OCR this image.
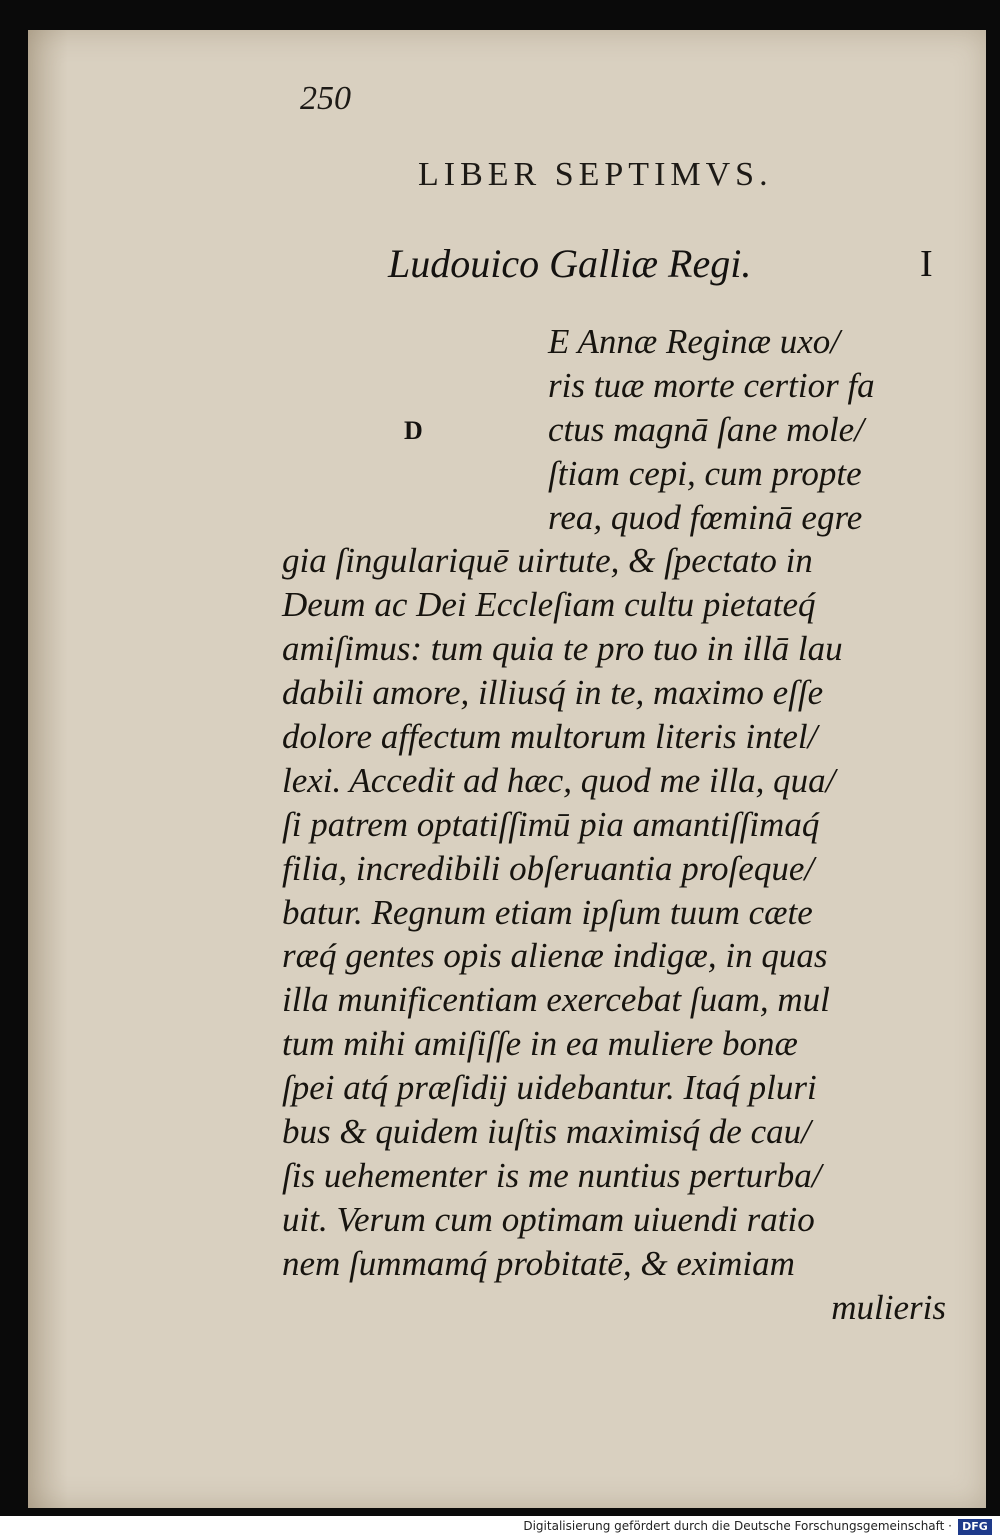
250
LIBER SEPTIMVS.
Ludouico Galliæ Regi.	I
D
E Annæ Reginæ uxo/
ris tuæ morte certior fa
ctus magnā ſane mole/
ſtiam cepi, cum propte
rea, quod fœminā egre
gia ſingulariquē uirtute, & ſpectato in
Deum ac Dei Eccleſiam cultu pietateq́
amiſimus: tum quia te pro tuo in illā lau
dabili amore, illiusq́ in te, maximo eſſe
dolore affectum multorum literis intel/
lexi. Accedit ad hæc, quod me illa, qua/
ſi patrem optatiſſimū pia amantiſſimaq́
filia, incredibili obſeruantia proſeque/
batur. Regnum etiam ipſum tuum cæte
ræq́ gentes opis alienæ indigæ, in quas
illa munificentiam exercebat ſuam, mul
tum mihi amiſiſſe in ea muliere bonæ
ſpei atq́ præſidij uidebantur. Itaq́ pluri
bus & quidem iuſtis maximisq́ de cau/
ſis uehementer is me nuntius perturba/
uit. Verum cum optimam uiuendi ratio
nem ſummamq́ probitatē, & eximiam
mulieris
Digitalisierung gefördert durch die Deutsche Forschungsgemeinschaft · DFG
